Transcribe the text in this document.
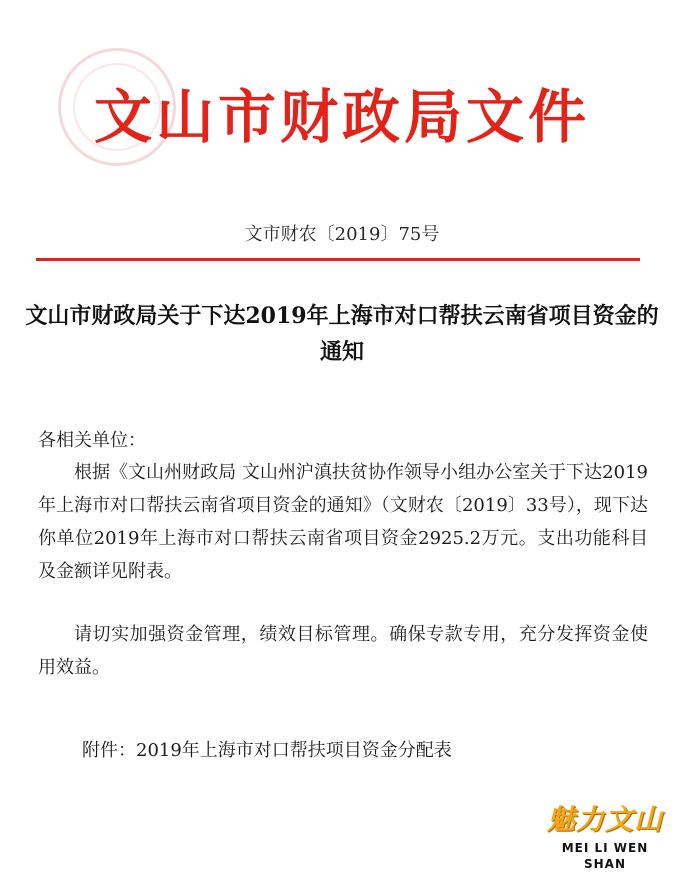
文山市财政局文件
文市财农〔2019〕75号
文山市财政局关于下达2019年上海市对口帮扶云南省项目资金的通知
各相关单位：
根据《文山州财政局 文山州沪滇扶贫协作领导小组办公室关于下达2019年上海市对口帮扶云南省项目资金的通知》（文财农〔2019〕33号），现下达你单位2019年上海市对口帮扶云南省项目资金2925.2万元。支出功能科目及金额详见附表。
请切实加强资金管理，绩效目标管理。确保专款专用，充分发挥资金使用效益。
附件：2019年上海市对口帮扶项目资金分配表
魅力文山
MEI LI WEN SHAN
